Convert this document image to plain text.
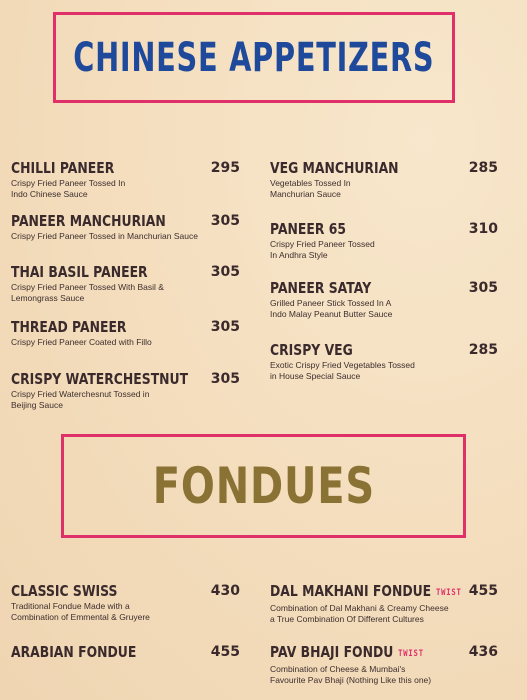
CHINESE APPETIZERS
CHILLI PANEER	295
Crispy Fried Paneer Tossed In
Indo Chinese Sauce
PANEER MANCHURIAN	305
Crispy Fried Paneer Tossed in Manchurian Sauce
THAI BASIL PANEER	305
Crispy Fried Paneer Tossed With Basil &
Lemongrass Sauce
THREAD PANEER	305
Crispy Fried Paneer Coated with Fillo
CRISPY WATERCHESTNUT 305
Crispy Fried Waterchesnut Tossed in
Beijing Sauce
VEG MANCHURIAN	285
Vegetables Tossed In
Manchurian Sauce
PANEER 65	310
Crispy Fried Paneer Tossed
In Andhra Style
PANEER SATAY	305
Grilled Paneer Stick Tossed In A
Indo Malay Peanut Butter Sauce
CRISPY VEG	285
Exotic Crispy Fried Vegetables Tossed
in House Special Sauce
FONDUES
CLASSIC SWISS	430
Traditional Fondue Made with a
Combination of Emmental & Gruyere
ARABIAN FONDUE	455
DAL MAKHANI FONDUE TWIST 455
Combination of Dal Makhani & Creamy Cheese
a True Combination Of Different Cultures
PAV BHAJI FONDU TWIST	436
Combination of Cheese & Mumbai's
Favourite Pav Bhaji (Nothing Like this one)
